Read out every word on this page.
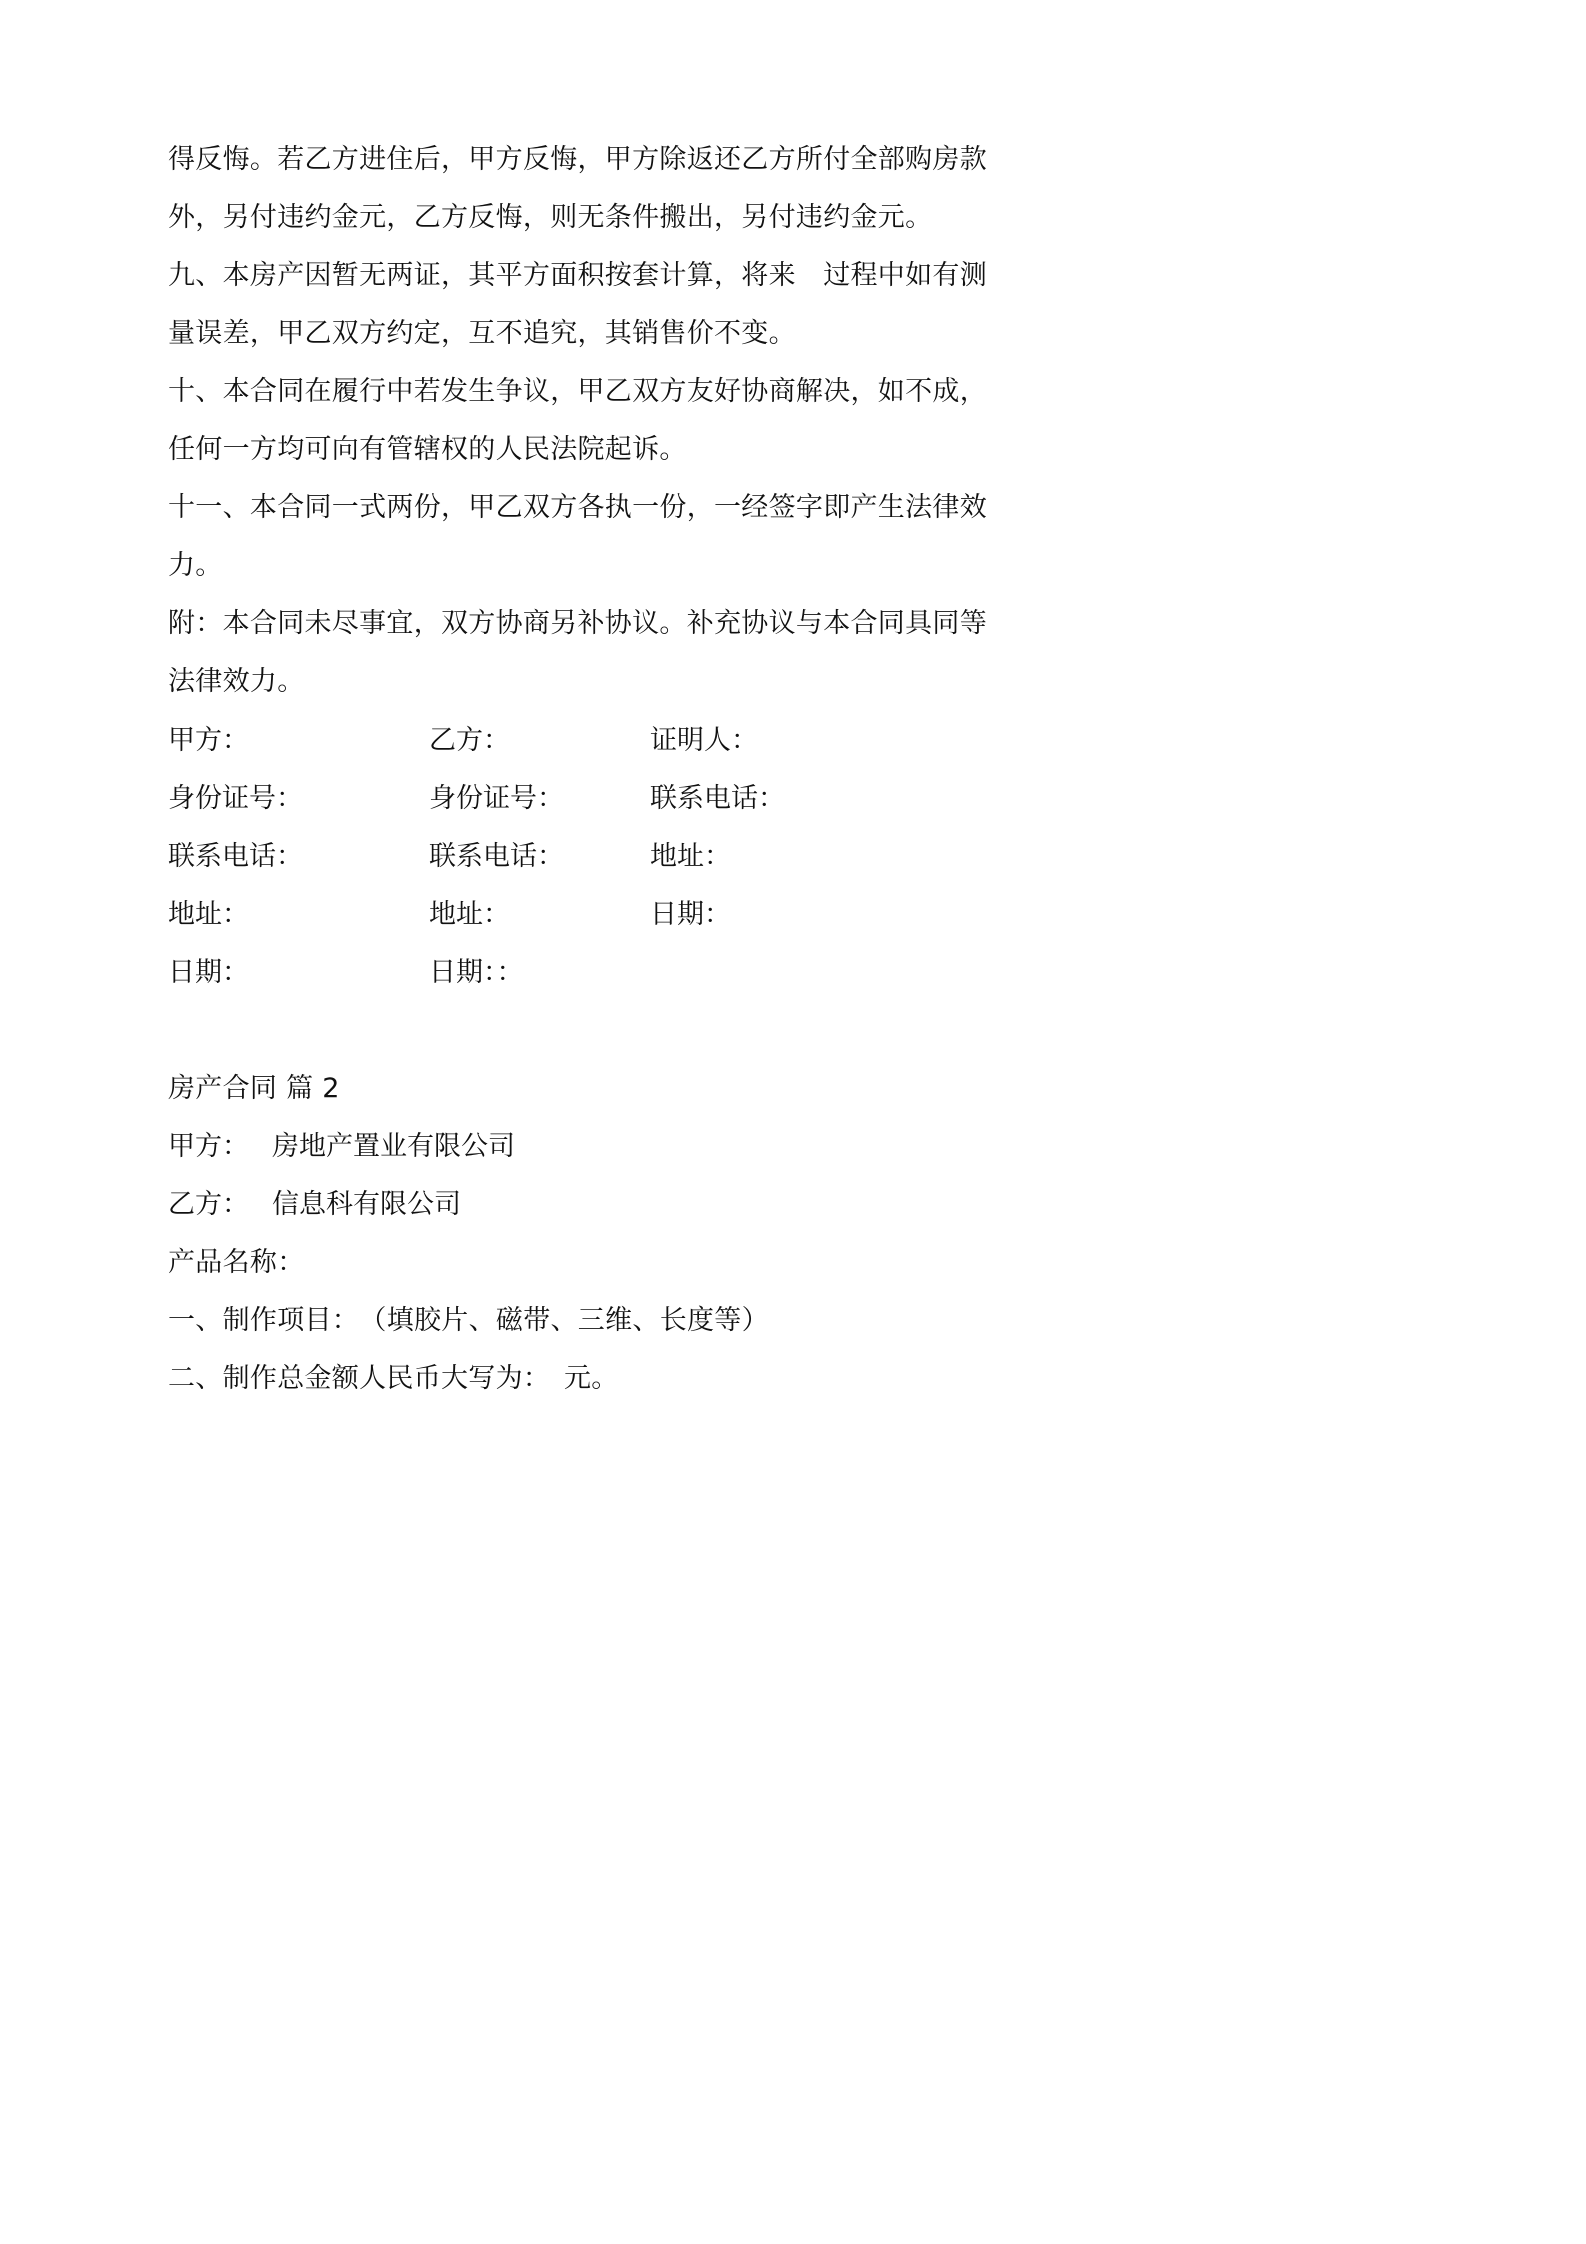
得反悔。若乙方进住后，甲方反悔，甲方除返还乙方所付全部购房款

外，另付违约金元，乙方反悔，则无条件搬出，另付违约金元。

九、本房产因暂无两证，其平方面积按套计算，将来　过程中如有测

量误差，甲乙双方约定，互不追究，其销售价不变。

十、本合同在履行中若发生争议，甲乙双方友好协商解决，如不成，

任何一方均可向有管辖权的人民法院起诉。

十一、本合同一式两份，甲乙双方各执一份，一经签字即产生法律效

力。

附：本合同未尽事宜，双方协商另补协议。补充协议与本合同具同等

法律效力。

甲方：	乙方：	证明人：
身份证号：	身份证号：	联系电话：
联系电话：	联系电话：	地址：
地址：	地址：	日期：
日期：	日期：：

房产合同 篇 2

甲方： 房地产置业有限公司
乙方： 信息科有限公司

产品名称：

一、制作项目：　（填胶片、磁带、三维、长度等）

二、制作总金额人民币大写为：　元。
